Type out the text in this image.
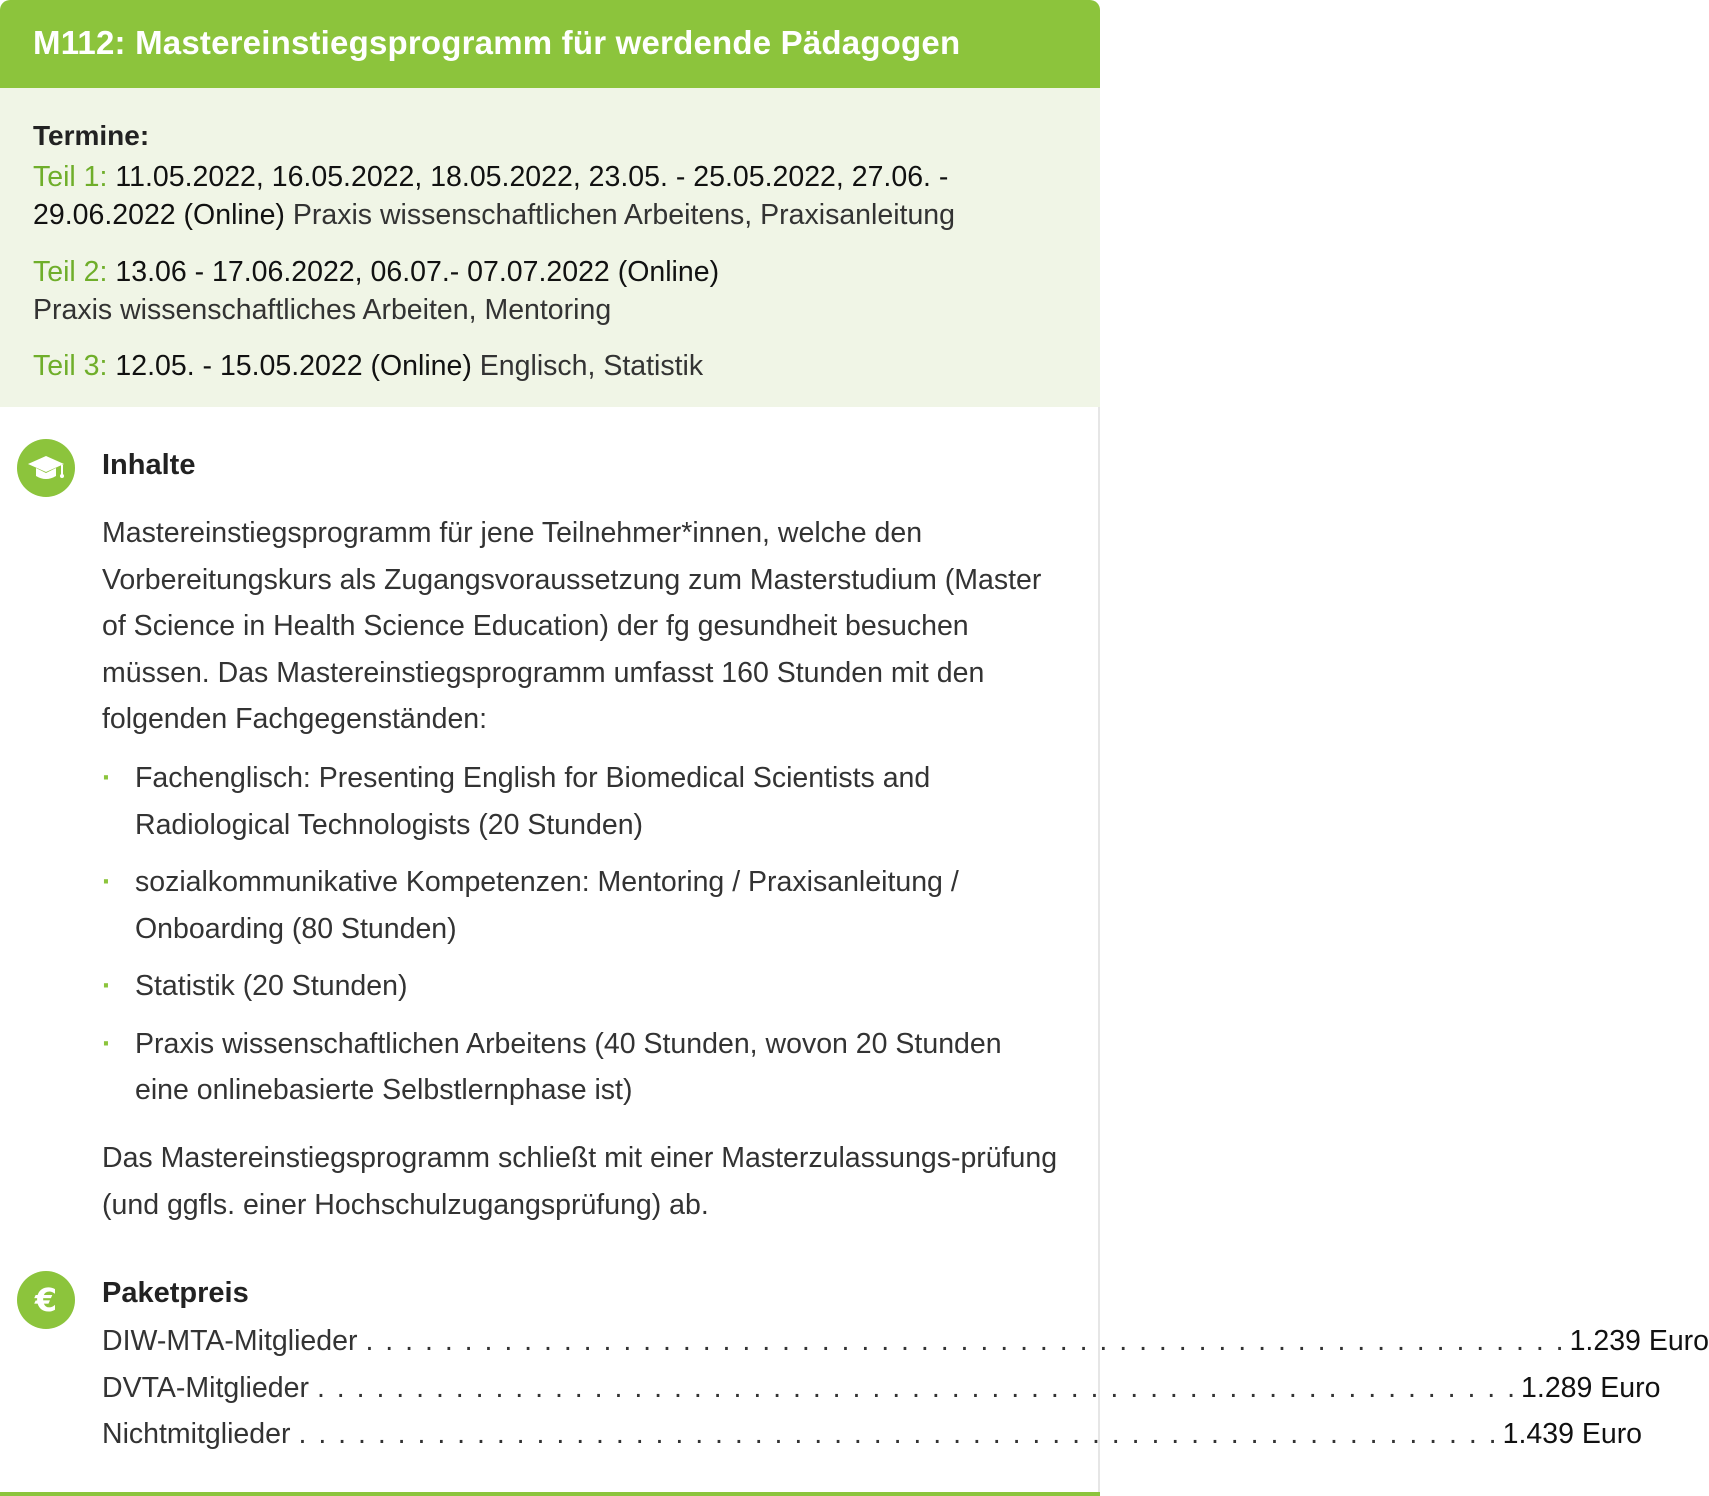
M112: Mastereinstiegsprogramm für werdende Pädagogen
Termine:
Teil 1: 11.05.2022, 16.05.2022, 18.05.2022, 23.05. - 25.05.2022, 27.06. - 29.06.2022 (Online) Praxis wissenschaftlichen Arbeitens, Praxisanleitung
Teil 2: 13.06 - 17.06.2022, 06.07.- 07.07.2022 (Online)
Praxis wissenschaftliches Arbeiten, Mentoring
Teil 3: 12.05. - 15.05.2022 (Online) Englisch, Statistik
Inhalte
Mastereinstiegsprogramm für jene Teilnehmer*innen, welche den Vorbereitungskurs als Zugangsvoraussetzung zum Masterstudium (Master of Science in Health Science Education) der fg gesundheit besuchen müssen. Das Mastereinstiegsprogramm umfasst 160 Stunden mit den folgenden Fachgegenständen:
· Fachenglisch: Presenting English for Biomedical Scientists and Radiological Technologists (20 Stunden)
· sozialkommunikative Kompetenzen: Mentoring / Praxisanleitung / Onboarding (80 Stunden)
· Statistik (20 Stunden)
· Praxis wissenschaftlichen Arbeitens (40 Stunden, wovon 20 Stunden eine onlinebasierte Selbstlernphase ist)
Das Mastereinstiegsprogramm schließt mit einer Masterzulassungs-prüfung (und ggfls. einer Hochschulzugangsprüfung) ab.
€ Paketpreis
DIW-MTA-Mitglieder . . . . . . . . . . . . . . . . . . . . . . . . . . . . . . . . . . . . . . . . . . . . . . . . . . . . . . . . . . . . . 1.239 Euro
DVTA-Mitglieder . . . . . . . . . . . . . . . . . . . . . . . . . . . . . . . . . . . . . . . . . . . . . . . . . . . . . . . . . . . . . 1.289 Euro
Nichtmitglieder . . . . . . . . . . . . . . . . . . . . . . . . . . . . . . . . . . . . . . . . . . . . . . . . . . . . . . . . . . . . . 1.439 Euro
